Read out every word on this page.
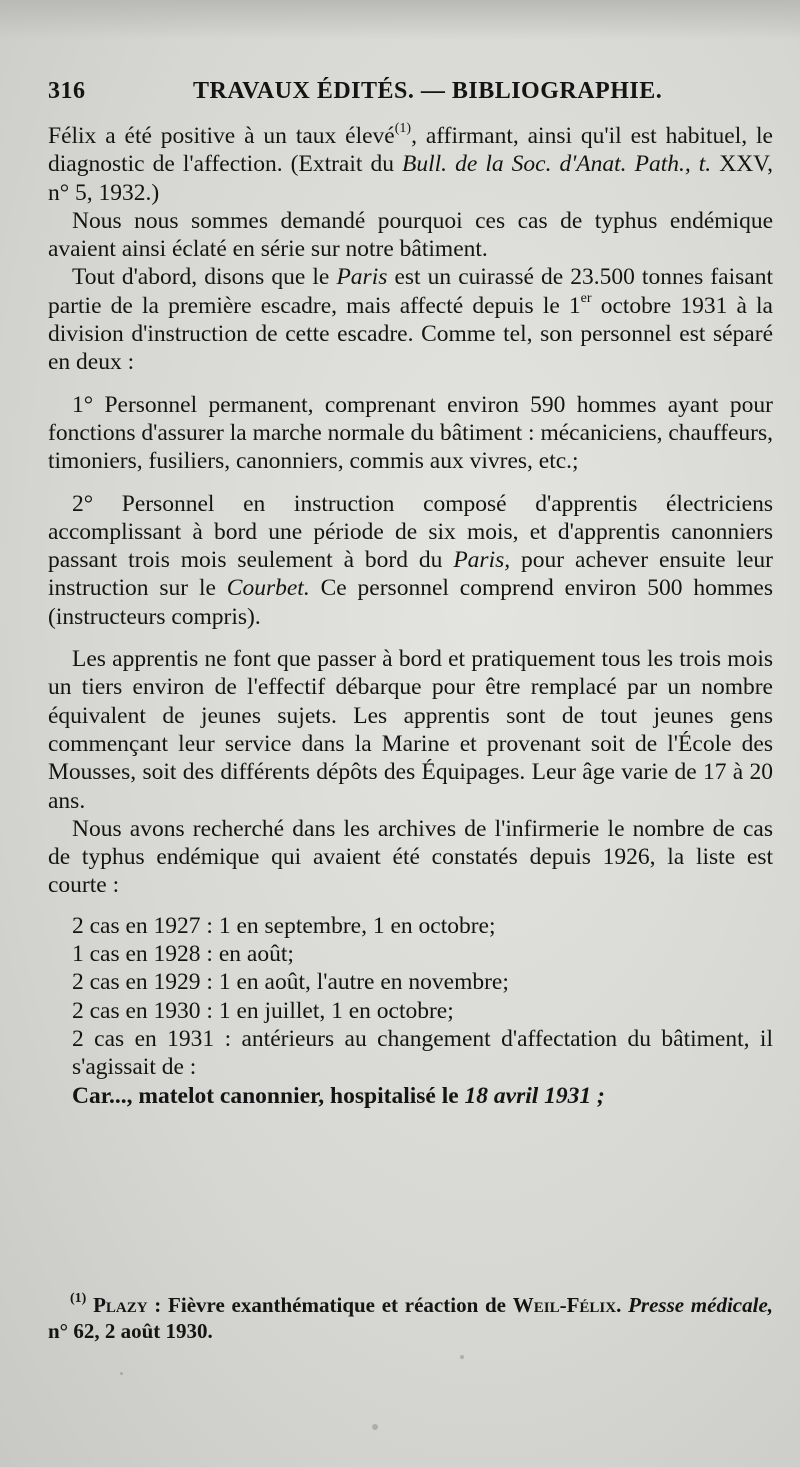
316	TRAVAUX ÉDITÉS. — BIBLIOGRAPHIE.

Félix a été positive à un taux élevé$^{(1)}$, affirmant, ainsi qu'il est habituel, le diagnostic de l'affection. (Extrait du Bull. de la Soc. d'Anat. Path., t. XXV, n° 5, 1932.)

Nous nous sommes demandé pourquoi ces cas de typhus endémique avaient ainsi éclaté en série sur notre bâtiment.

Tout d'abord, disons que le Paris est un cuirassé de 23.500 tonnes faisant partie de la première escadre, mais affecté depuis le 1er octobre 1931 à la division d'instruction de cette escadre. Comme tel, son personnel est séparé en deux :

1° Personnel permanent, comprenant environ 590 hommes ayant pour fonctions d'assurer la marche normale du bâtiment : mécaniciens, chauffeurs, timoniers, fusiliers, canonniers, commis aux vivres, etc.;

2° Personnel en instruction composé d'apprentis électriciens accomplissant à bord une période de six mois, et d'apprentis canonniers passant trois mois seulement à bord du Paris, pour achever ensuite leur instruction sur le Courbet. Ce personnel comprend environ 500 hommes (instructeurs compris).

Les apprentis ne font que passer à bord et pratiquement tous les trois mois un tiers environ de l'effectif débarque pour être remplacé par un nombre équivalent de jeunes sujets. Les apprentis sont de tout jeunes gens commençant leur service dans la Marine et provenant soit de l'École des Mousses, soit des différents dépôts des Équipages. Leur âge varie de 17 à 20 ans.

Nous avons recherché dans les archives de l'infirmerie le nombre de cas de typhus endémique qui avaient été constatés depuis 1926, la liste est courte :

2 cas en 1927 : 1 en septembre, 1 en octobre;
1 cas en 1928 : en août;
2 cas en 1929 : 1 en août, l'autre en novembre;
2 cas en 1930 : 1 en juillet, 1 en octobre;
2 cas en 1931 : antérieurs au changement d'affectation du bâtiment, il s'agissait de :

Car..., matelot canonnier, hospitalisé le 18 avril 1931 ;

$^{(1)}$ Plazy : Fièvre exanthématique et réaction de Weil-Félix. Presse médicale, n° 62, 2 août 1930.
